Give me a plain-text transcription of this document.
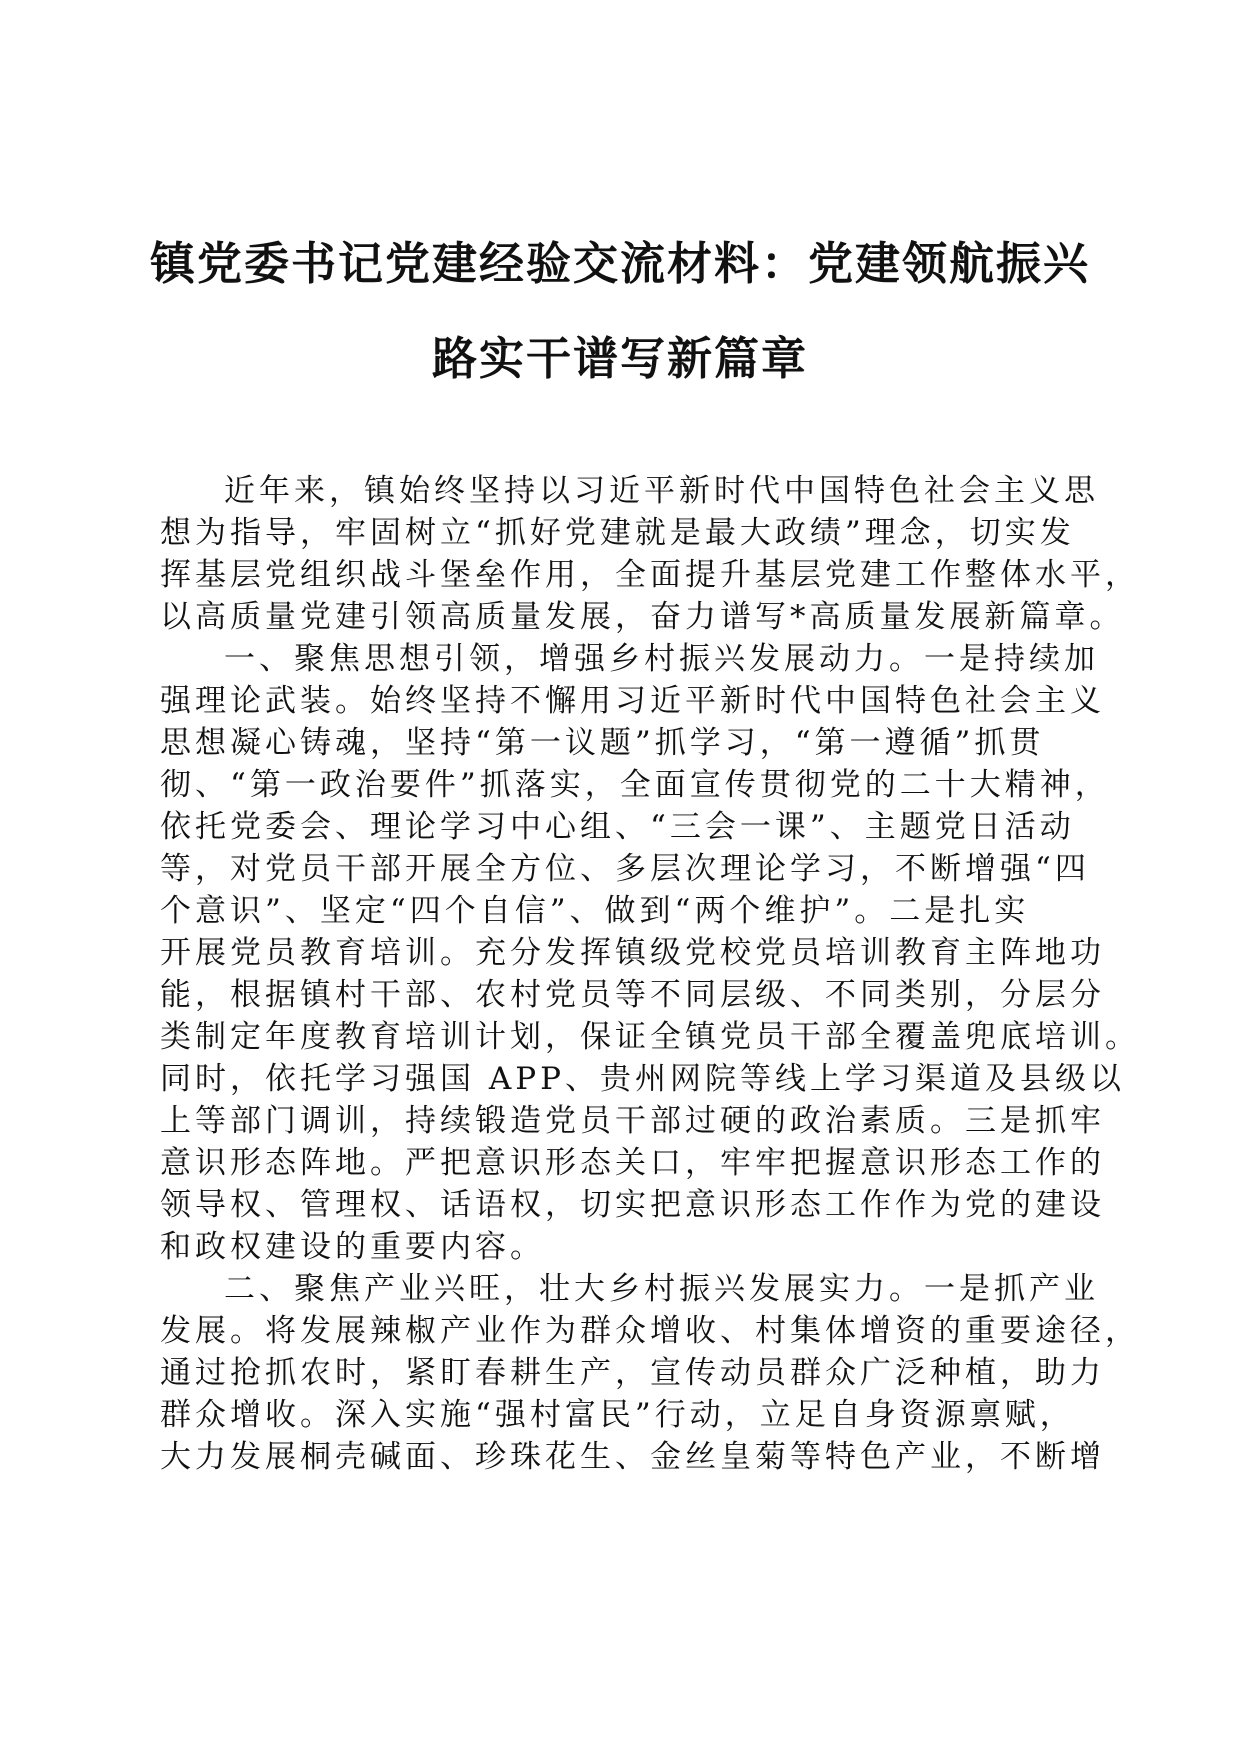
镇党委书记党建经验交流材料：党建领航振兴
路实干谱写新篇章
近年来，镇始终坚持以习近平新时代中国特色社会主义思
想为指导，牢固树立“抓好党建就是最大政绩”理念，切实发
挥基层党组织战斗堡垒作用，全面提升基层党建工作整体水平，
以高质量党建引领高质量发展，奋力谱写*高质量发展新篇章。
一、聚焦思想引领，增强乡村振兴发展动力。一是持续加
强理论武装。始终坚持不懈用习近平新时代中国特色社会主义
思想凝心铸魂，坚持“第一议题”抓学习，“第一遵循”抓贯
彻、“第一政治要件”抓落实，全面宣传贯彻党的二十大精神，
依托党委会、理论学习中心组、“三会一课”、主题党日活动
等，对党员干部开展全方位、多层次理论学习，不断增强“四
个意识”、坚定“四个自信”、做到“两个维护”。二是扎实
开展党员教育培训。充分发挥镇级党校党员培训教育主阵地功
能，根据镇村干部、农村党员等不同层级、不同类别，分层分
类制定年度教育培训计划，保证全镇党员干部全覆盖兜底培训。
同时，依托学习强国 APP、贵州网院等线上学习渠道及县级以
上等部门调训，持续锻造党员干部过硬的政治素质。三是抓牢
意识形态阵地。严把意识形态关口，牢牢把握意识形态工作的
领导权、管理权、话语权，切实把意识形态工作作为党的建设
和政权建设的重要内容。
二、聚焦产业兴旺，壮大乡村振兴发展实力。一是抓产业
发展。将发展辣椒产业作为群众增收、村集体增资的重要途径，
通过抢抓农时，紧盯春耕生产，宣传动员群众广泛种植，助力
群众增收。深入实施“强村富民”行动，立足自身资源禀赋，
大力发展桐壳碱面、珍珠花生、金丝皇菊等特色产业，不断增
